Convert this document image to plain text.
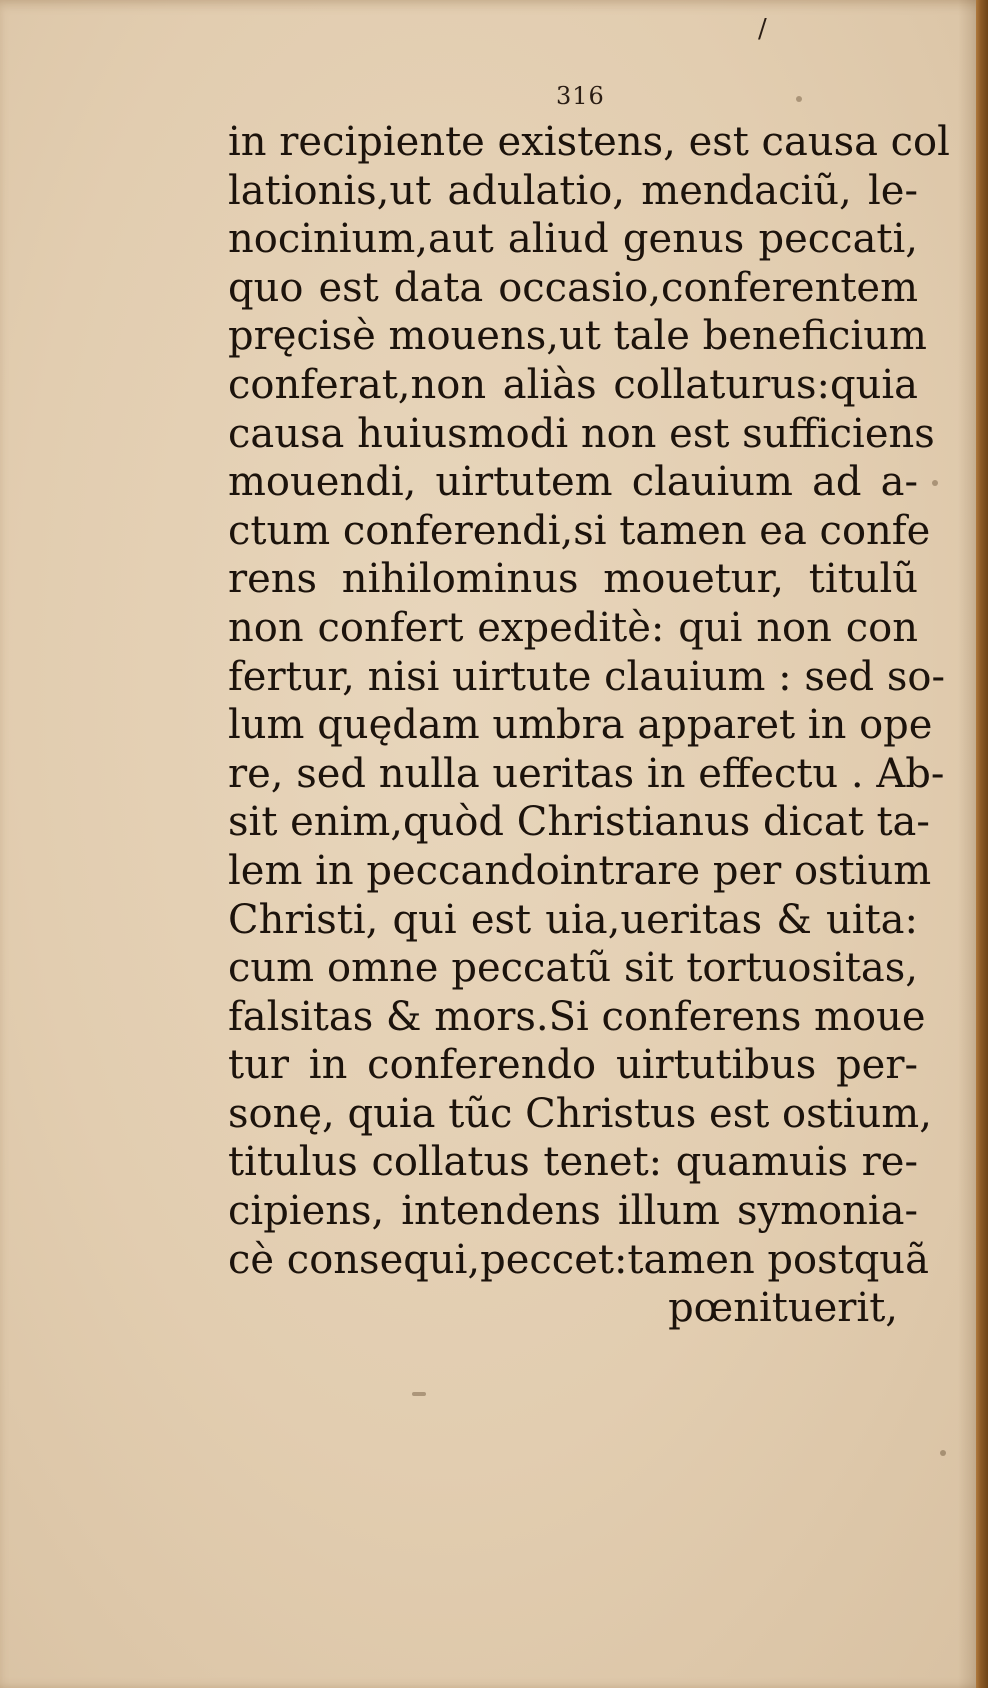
/
316
in recipiente existens, est causa col
lationis,ut adulatio, mendaciũ, le-
nocinium,aut aliud genus peccati,
quo est data occasio,conferentem
pręcisè mouens,ut tale beneficium
conferat,non aliàs collaturus:quia
causa huiusmodi non est sufficiens
mouendi, uirtutem clauium ad a-
ctum conferendi,si tamen ea confe
rens nihilominus mouetur, titulũ
non confert expeditè: qui non con
fertur, nisi uirtute clauium : sed so-
lum quędam umbra apparet in ope
re, sed nulla ueritas in effectu . Ab-
sit enim,quòd Christianus dicat ta-
lem in peccandointrare per ostium
Christi, qui est uia,ueritas & uita:
cum omne peccatũ sit tortuositas,
falsitas & mors.Si conferens moue
tur in conferendo uirtutibus per-
sonę, quia tũc Christus est ostium,
titulus collatus tenet: quamuis re-
cipiens, intendens illum symonia-
cè consequi,peccet:tamen postquã
pœnituerit,
